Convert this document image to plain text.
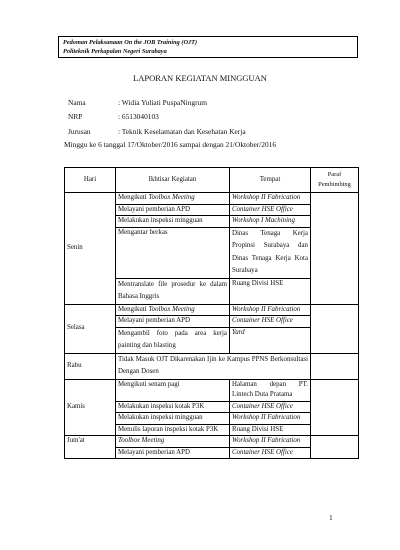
Pedoman Pelaksanaan On the JOB Training (OJT)
Politeknik Perkapalan Negeri Surabaya
LAPORAN KEGIATAN MINGGUAN
Nama	: Widia Yuliati PuspaNingrum
NRP	: 6513040103
Jurusan	: Teknik Keselamatan dan Kesehatan Kerja
Minggu ke 6 tanggal 17/Oktober/2016 sampai dengan 21/Oktober/2016
Hari	Ikhtisar Kegiatan	Tempat	Paraf Pembimbing
Senin	Mengikuti Toolbox Meeting	Workshop II Fabrication	
	Melayani pemberian APD	Container HSE Office	
	Melakukan inspeksi mingguan	Workshop I Machining	
	Mengantar berkas	Dinas Tenaga Kerja Propinsi Surabaya dan Dinas Tenaga Kerja Kota Surabaya	
	Mentranslate file prosedur ke dalam Bahasa Inggris	Ruang Divisi HSE	
Selasa	Mengikuti Toolbox Meeting	Workshop II Fabrication	
	Melayani pemberian APD	Container HSE Office	
	Mengambil foto pada area kerja painting dan blasting	Yard	
Rabu	Tidak Masuk OJT Dikarenakan Ijin ke Kampus PPNS Berkonsultasi Dengan Dosen		
Kamis	Mengikuti senam pagi	Halaman depan PT. Lintech Duta Pratama	
	Melakukan inspeksi kotak P3K	Container HSE Office	
	Melakukan inspeksi mingguan	Workshop II Fabrication	
	Menulis laporan inspeksi kotak P3K	Ruang Divisi HSE	
Jum'at	Toolbox Meeting	Workshop II Fabrication	
	Melayani pemberian APD	Container HSE Office	
1
